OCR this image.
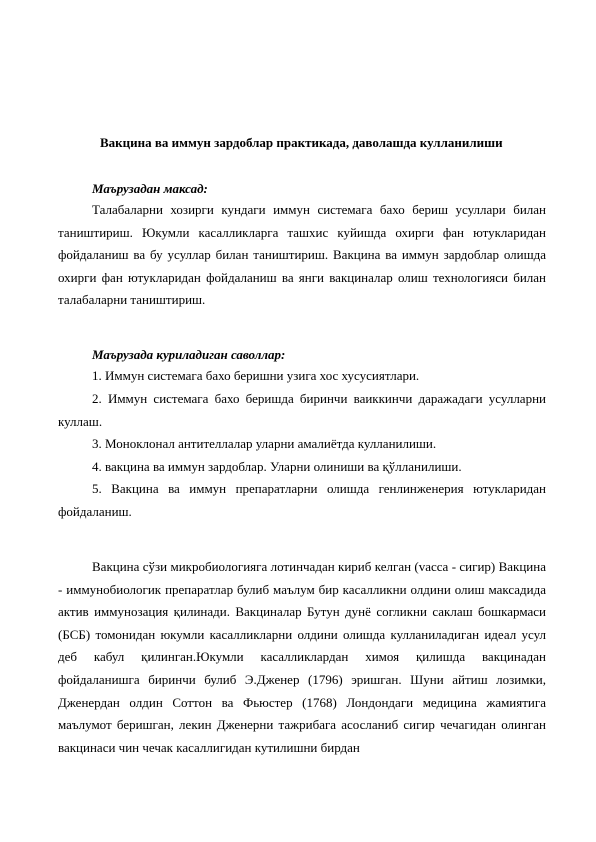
Вакцина ва иммун зардоблар практикада, даволашда кулланилиши
Маърузадан максад:

Талабаларни хозирги кундаги иммун системага бахо бериш усуллари билан таништириш. Юкумли касалликларга ташхис куйишда охирги фан ютукларидан фойдаланиш ва бу усуллар билан таништириш. Вакцина ва иммун зардоблар олишда охирги фан ютукларидан фойдаланиш ва янги вакциналар олиш технологияси билан талабаларни таништириш.

Маърузада куриладиган саволлар:

1. Иммун системага бахо беришни узига хос хусусиятлари.

2. Иммун системага бахо беришда биринчи ваиккинчи даражадаги усулларни куллаш.

3. Моноклонал антителлалар уларни амалиётда кулланилиши.

4. вакцина ва иммун зардоблар. Уларни олиниши ва қўлланилиши.

5. Вакцина ва иммун препаратларни олишда генлинженерия ютукларидан фойдаланиш.

Вакцина сўзи микробиологияга лотинчадан кириб келган (vacca - сигир) Вакцина - иммунобиологик препаратлар булиб маълум бир касалликни олдини олиш максадида актив иммунозация қилинади. Вакциналар Бутун дунё согликни саклаш бошкармаси (БСБ) томонидан юкумли касалликларни олдини олишда кулланиладиган идеал усул деб кабул қилинган.Юкумли касалликлардан химоя қилишда вакцинадан фойдаланишга биринчи булиб Э.Дженер (1796) эришган. Шуни айтиш лозимки, Дженердан олдин Соттон ва Фьюстер (1768) Лондондаги медицина жамиятига маълумот беришган, лекин Дженерни тажрибага асосланиб сигир чечагидан олинган вакцинаси чин чечак касаллигидан кутилишни бирдан
